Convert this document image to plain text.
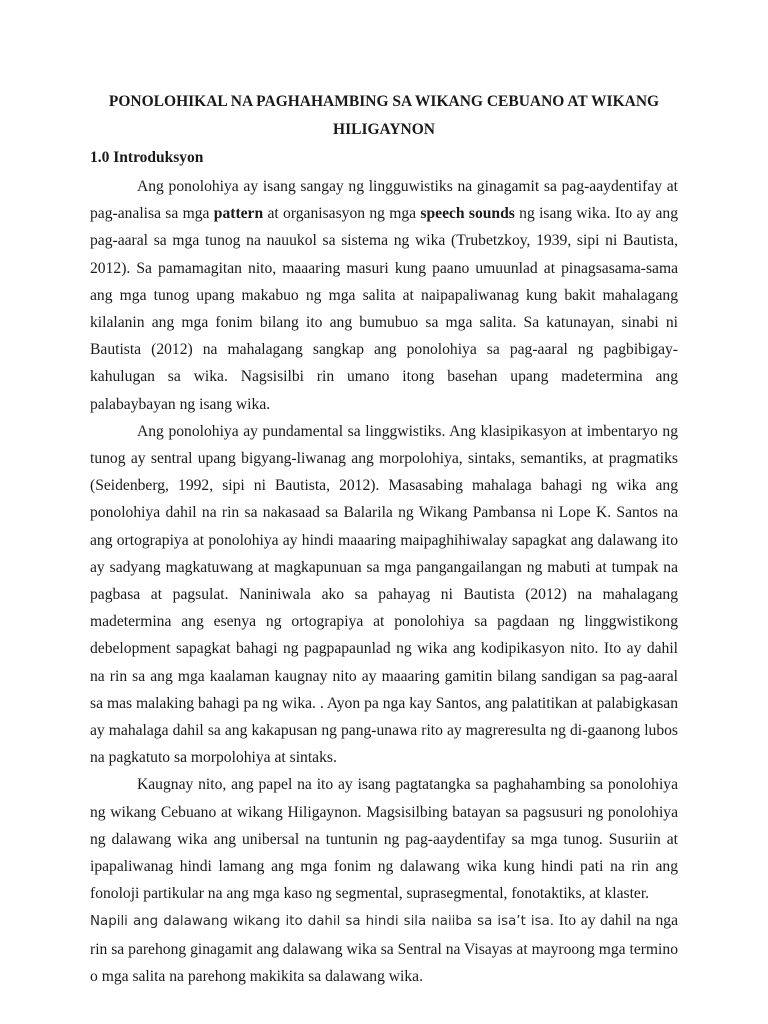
PONOLOHIKAL NA PAGHAHAMBING SA WIKANG CEBUANO AT WIKANG HILIGAYNON

1.0 Introduksyon

Ang ponolohiya ay isang sangay ng lingguwistiks na ginagamit sa pag-aaydentifay at pag-analisa sa mga pattern at organisasyon ng mga speech sounds ng isang wika. Ito ay ang pag-aaral sa mga tunog na nauukol sa sistema ng wika (Trubetzkoy, 1939, sipi ni Bautista, 2012). Sa pamamagitan nito, maaaring masuri kung paano umuunlad at pinagsasama-sama ang mga tunog upang makabuo ng mga salita at naipapaliwanag kung bakit mahalagang kilalanin ang mga fonim bilang ito ang bumubuo sa mga salita. Sa katunayan, sinabi ni Bautista (2012) na mahalagang sangkap ang ponolohiya sa pag-aaral ng pagbibigay-kahulugan sa wika. Nagsisilbi rin umano itong basehan upang madetermina ang palabaybayan ng isang wika.

Ang ponolohiya ay pundamental sa linggwistiks. Ang klasipikasyon at imbentaryo ng tunog ay sentral upang bigyang-liwanag ang morpolohiya, sintaks, semantiks, at pragmatiks (Seidenberg, 1992, sipi ni Bautista, 2012). Masasabing mahalaga bahagi ng wika ang ponolohiya dahil na rin sa nakasaad sa Balarila ng Wikang Pambansa ni Lope K. Santos na ang ortograpiya at ponolohiya ay hindi maaaring maipaghihiwalay sapagkat ang dalawang ito ay sadyang magkatuwang at magkapunuan sa mga pangangailangan ng mabuti at tumpak na pagbasa at pagsulat. Naniniwala ako sa pahayag ni Bautista (2012) na mahalagang madetermina ang esenya ng ortograpiya at ponolohiya sa pagdaan ng linggwistikong debelopment sapagkat bahagi ng pagpapaunlad ng wika ang kodipikasyon nito. Ito ay dahil na rin sa ang mga kaalaman kaugnay nito ay maaaring gamitin bilang sandigan sa pag-aaral sa mas malaking bahagi pa ng wika. . Ayon pa nga kay Santos, ang palatitikan at palabigkasan ay mahalaga dahil sa ang kakapusan ng pang-unawa rito ay magreresulta ng di-gaanong lubos na pagkatuto sa morpolohiya at sintaks.

Kaugnay nito, ang papel na ito ay isang pagtatangka sa paghahambing sa ponolohiya ng wikang Cebuano at wikang Hiligaynon. Magsisilbing batayan sa pagsusuri ng ponolohiya ng dalawang wika ang unibersal na tuntunin ng pag-aaydentifay sa mga tunog. Susuriin at ipapaliwanag hindi lamang ang mga fonim ng dalawang wika kung hindi pati na rin ang fonoloji partikular na ang mga kaso ng segmental, suprasegmental, fonotaktiks, at klaster.

Napili ang dalawang wikang ito dahil sa hindi sila naiiba sa isa’t isa. Ito ay dahil na nga rin sa parehong ginagamit ang dalawang wika sa Sentral na Visayas at mayroong mga termino o mga salita na parehong makikita sa dalawang wika.
